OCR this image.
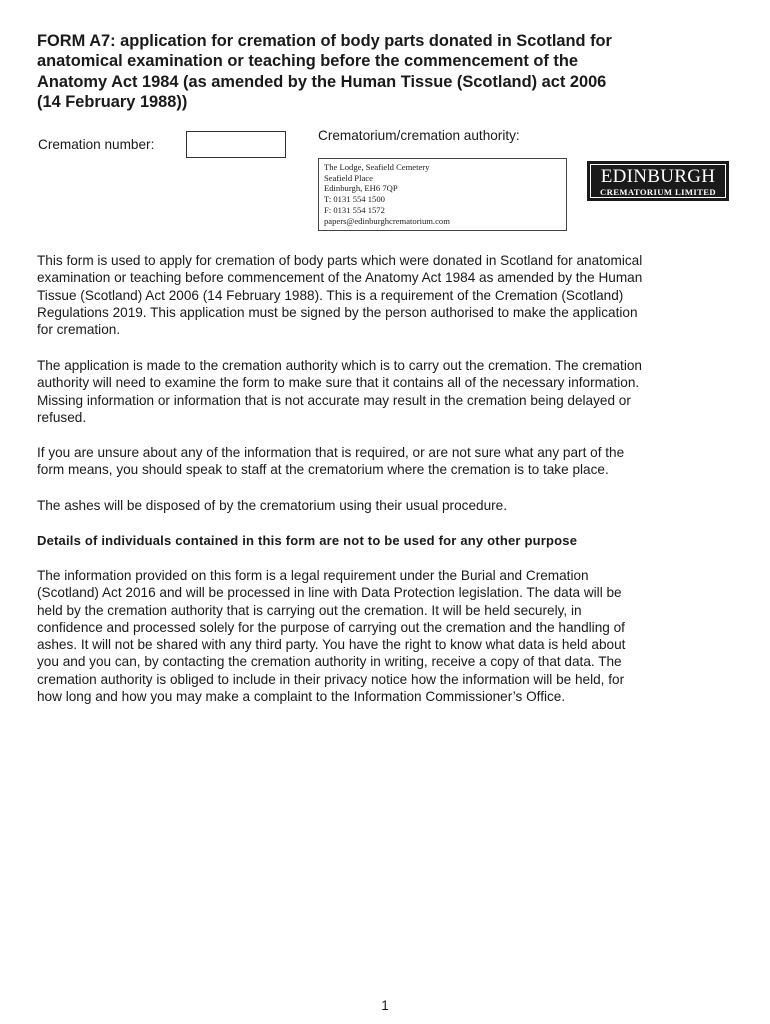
FORM A7: application for cremation of body parts donated in Scotland for
anatomical examination or teaching before the commencement of the
Anatomy Act 1984 (as amended by the Human Tissue (Scotland) act 2006
(14 February 1988))
Cremation number:
Crematorium/cremation authority:
The Lodge, Seafield Cemetery
Seafield Place
Edinburgh, EH6 7QP
T: 0131 554 1500
F: 0131 554 1572
papers@edinburghcrematorium.com
EDINBURGH
CREMATORIUM LIMITED
This form is used to apply for cremation of body parts which were donated in Scotland for anatomical
examination or teaching before commencement of the Anatomy Act 1984 as amended by the Human
Tissue (Scotland) Act 2006 (14 February 1988). This is a requirement of the Cremation (Scotland)
Regulations 2019. This application must be signed by the person authorised to make the application
for cremation.
The application is made to the cremation authority which is to carry out the cremation. The cremation
authority will need to examine the form to make sure that it contains all of the necessary information.
Missing information or information that is not accurate may result in the cremation being delayed or
refused.
If you are unsure about any of the information that is required, or are not sure what any part of the
form means, you should speak to staff at the crematorium where the cremation is to take place.
The ashes will be disposed of by the crematorium using their usual procedure.
Details of individuals contained in this form are not to be used for any other purpose
The information provided on this form is a legal requirement under the Burial and Cremation
(Scotland) Act 2016 and will be processed in line with Data Protection legislation. The data will be
held by the cremation authority that is carrying out the cremation. It will be held securely, in
confidence and processed solely for the purpose of carrying out the cremation and the handling of
ashes. It will not be shared with any third party. You have the right to know what data is held about
you and you can, by contacting the cremation authority in writing, receive a copy of that data. The
cremation authority is obliged to include in their privacy notice how the information will be held, for
how long and how you may make a complaint to the Information Commissioner’s Office.
1
